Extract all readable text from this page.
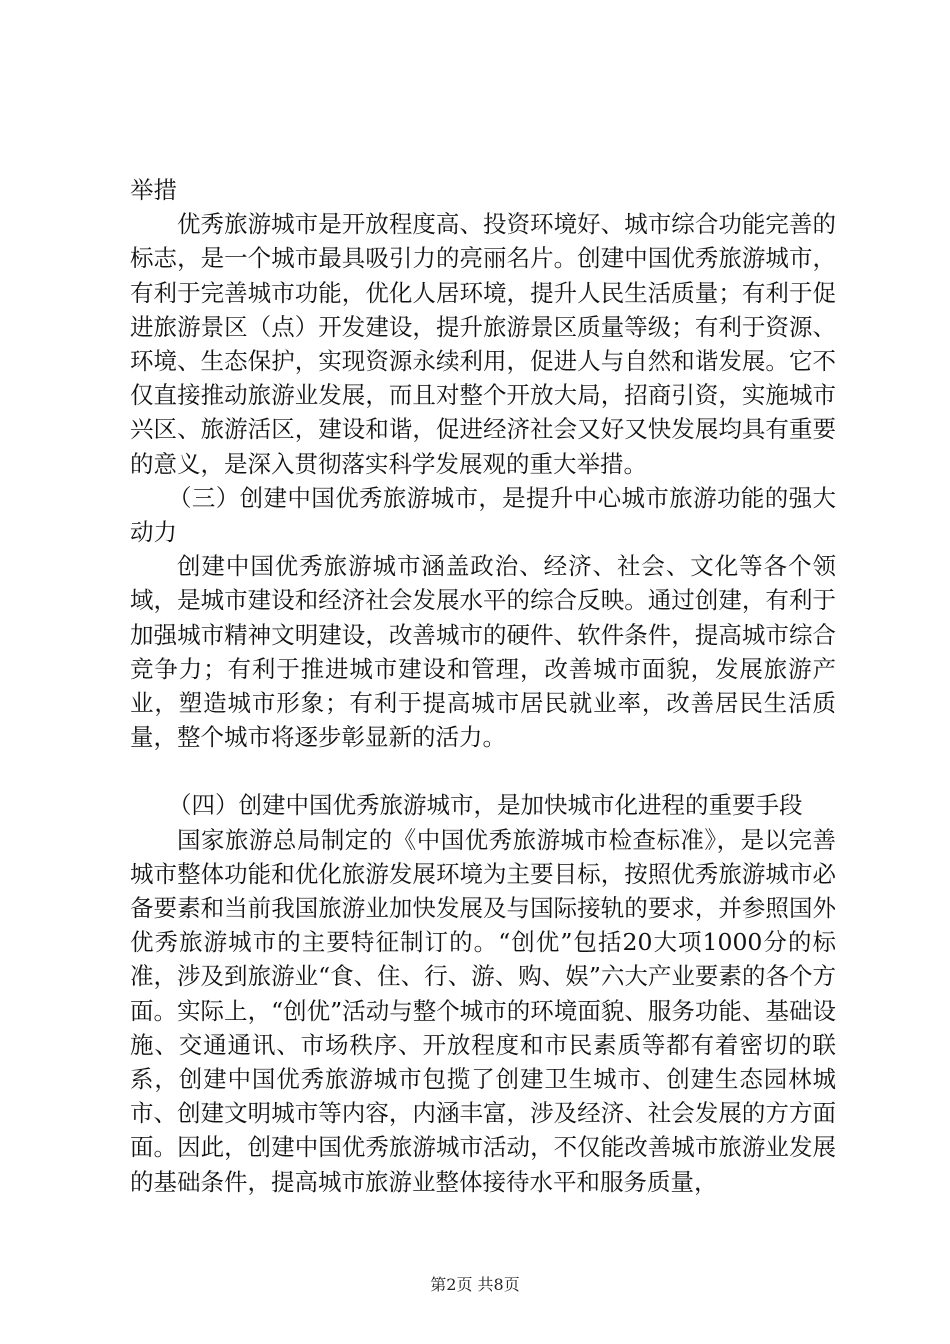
举措

优秀旅游城市是开放程度高、投资环境好、城市综合功能完善的标志，是一个城市最具吸引力的亮丽名片。创建中国优秀旅游城市，有利于完善城市功能，优化人居环境，提升人民生活质量；有利于促进旅游景区（点）开发建设，提升旅游景区质量等级；有利于资源、环境、生态保护，实现资源永续利用，促进人与自然和谐发展。它不仅直接推动旅游业发展，而且对整个开放大局，招商引资，实施城市兴区、旅游活区，建设和谐，促进经济社会又好又快发展均具有重要的意义，是深入贯彻落实科学发展观的重大举措。

（三）创建中国优秀旅游城市，是提升中心城市旅游功能的强大动力

创建中国优秀旅游城市涵盖政治、经济、社会、文化等各个领域，是城市建设和经济社会发展水平的综合反映。通过创建，有利于加强城市精神文明建设，改善城市的硬件、软件条件，提高城市综合竞争力；有利于推进城市建设和管理，改善城市面貌，发展旅游产业，塑造城市形象；有利于提高城市居民就业率，改善居民生活质量，整个城市将逐步彰显新的活力。

（四）创建中国优秀旅游城市，是加快城市化进程的重要手段

国家旅游总局制定的《中国优秀旅游城市检查标准》，是以完善城市整体功能和优化旅游发展环境为主要目标，按照优秀旅游城市必备要素和当前我国旅游业加快发展及与国际接轨的要求，并参照国外优秀旅游城市的主要特征制订的。“创优”包括20大项1000分的标准，涉及到旅游业“食、住、行、游、购、娱”六大产业要素的各个方面。实际上，“创优”活动与整个城市的环境面貌、服务功能、基础设施、交通通讯、市场秩序、开放程度和市民素质等都有着密切的联系，创建中国优秀旅游城市包揽了创建卫生城市、创建生态园林城市、创建文明城市等内容，内涵丰富，涉及经济、社会发展的方方面面。因此，创建中国优秀旅游城市活动，不仅能改善城市旅游业发展的基础条件，提高城市旅游业整体接待水平和服务质量，

第2页 共8页
